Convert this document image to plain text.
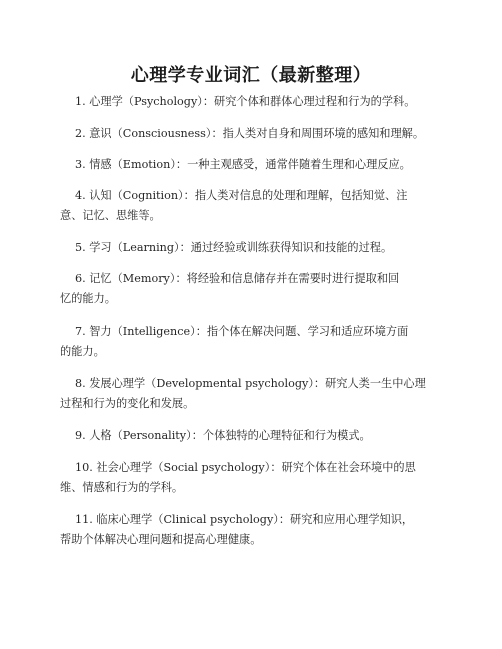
心理学专业词汇（最新整理）
1. 心理学（Psychology）：研究个体和群体心理过程和行为的学科。
2. 意识（Consciousness）：指人类对自身和周围环境的感知和理解。
3. 情感（Emotion）：一种主观感受，通常伴随着生理和心理反应。
4. 认知（Cognition）：指人类对信息的处理和理解，包括知觉、注
意、记忆、思维等。
5. 学习（Learning）：通过经验或训练获得知识和技能的过程。
6. 记忆（Memory）：将经验和信息储存并在需要时进行提取和回
忆的能力。
7. 智力（Intelligence）：指个体在解决问题、学习和适应环境方面
的能力。
8. 发展心理学（Developmental psychology）：研究人类一生中心理
过程和行为的变化和发展。
9. 人格（Personality）：个体独特的心理特征和行为模式。
10. 社会心理学（Social psychology）：研究个体在社会环境中的思
维、情感和行为的学科。
11. 临床心理学（Clinical psychology）：研究和应用心理学知识，
帮助个体解决心理问题和提高心理健康。
